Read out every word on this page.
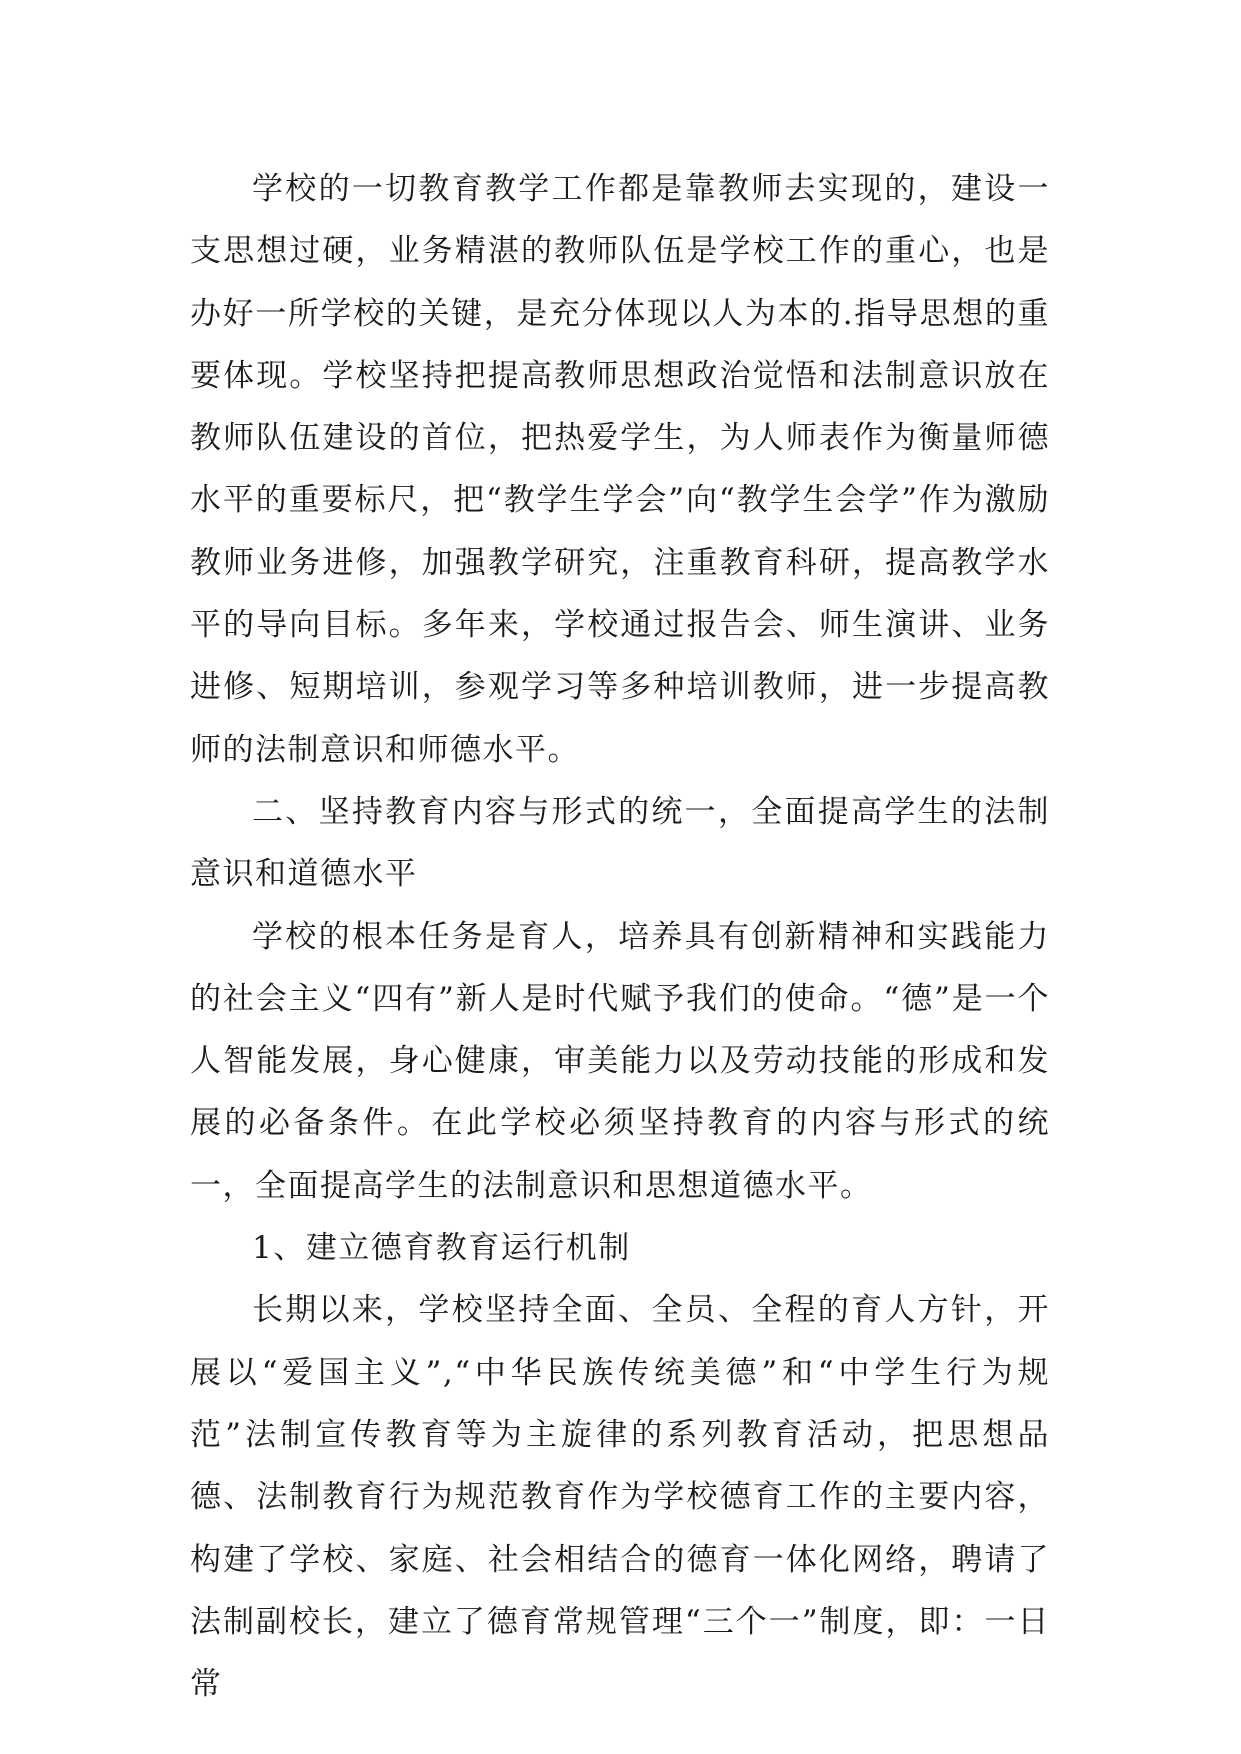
学校的一切教育教学工作都是靠教师去实现的，建设一支思想过硬，业务精湛的教师队伍是学校工作的重心，也是办好一所学校的关键，是充分体现以人为本的.指导思想的重要体现。学校坚持把提高教师思想政治觉悟和法制意识放在教师队伍建设的首位，把热爱学生，为人师表作为衡量师德水平的重要标尺，把“教学生学会”向“教学生会学”作为激励教师业务进修，加强教学研究，注重教育科研，提高教学水平的导向目标。多年来，学校通过报告会、师生演讲、业务进修、短期培训，参观学习等多种培训教师，进一步提高教师的法制意识和师德水平。

二、坚持教育内容与形式的统一，全面提高学生的法制意识和道德水平

学校的根本任务是育人，培养具有创新精神和实践能力的社会主义“四有”新人是时代赋予我们的使命。“德”是一个人智能发展，身心健康，审美能力以及劳动技能的形成和发展的必备条件。在此学校必须坚持教育的内容与形式的统一，全面提高学生的法制意识和思想道德水平。

1、建立德育教育运行机制

长期以来，学校坚持全面、全员、全程的育人方针，开展以“爱国主义”,“中华民族传统美德”和“中学生行为规范”法制宣传教育等为主旋律的系列教育活动，把思想品德、法制教育行为规范教育作为学校德育工作的主要内容，构建了学校、家庭、社会相结合的德育一体化网络，聘请了法制副校长，建立了德育常规管理“三个一”制度，即：一日常
